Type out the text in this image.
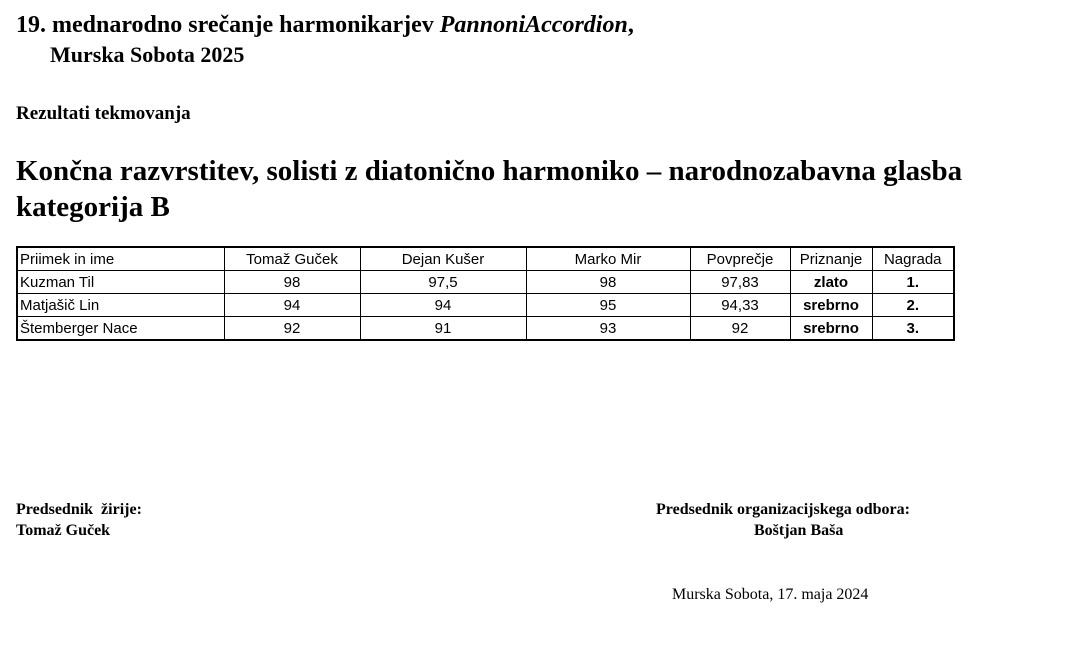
19. mednarodno srečanje harmonikarjev PannoniAccordion,
Murska Sobota 2025
Rezultati tekmovanja
Končna razvrstitev, solisti z diatonično harmoniko – narodnozabavna glasba
kategorija B
Priimek in ime	Tomaž Guček	Dejan Kušer	Marko Mir	Povprečje	Priznanje	Nagrada
Kuzman Til	98	97,5	98	97,83	zlato	1.
Matjašič Lin	94	94	95	94,33	srebrno	2.
Štemberger Nace	92	91	93	92	srebrno	3.
Predsednik  žirije:
Tomaž Guček
Predsednik organizacijskega odbora:
Boštjan Baša
Murska Sobota, 17. maja 2024
